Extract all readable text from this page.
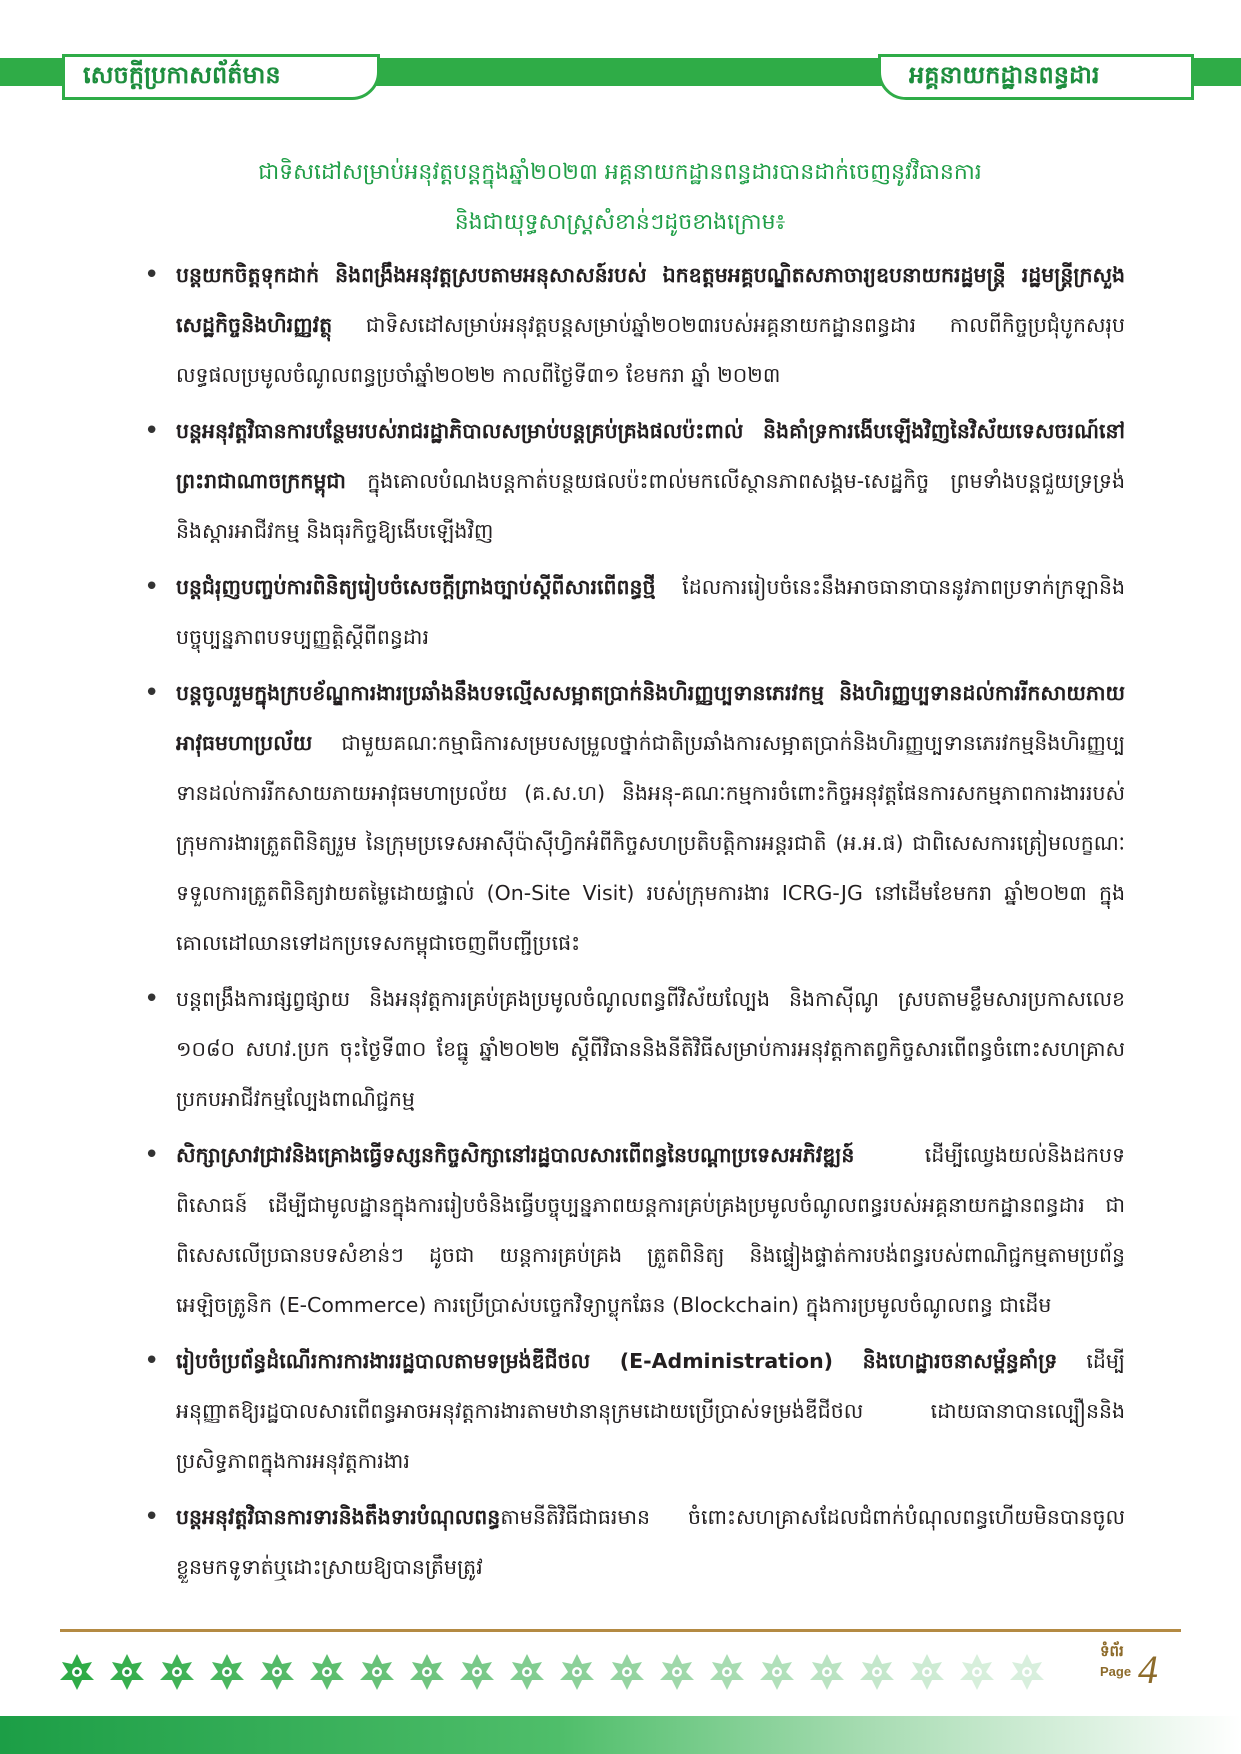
សេចក្តីប្រកាសព័ត៌មាន	អគ្គនាយកដ្ឋានពន្ធដារ
ជាទិសដៅសម្រាប់អនុវត្តបន្តក្នុងឆ្នាំ២០២៣ អគ្គនាយកដ្ឋានពន្ធដារបានដាក់ចេញនូវវិធានការ
និងជាយុទ្ធសាស្ត្រសំខាន់ៗដូចខាងក្រោម៖
• បន្តយកចិត្តទុកដាក់ និងពង្រឹងអនុវត្តស្របតាមអនុសាសន៍របស់ ឯកឧត្តមអគ្គបណ្ឌិតសភាចារ្យឧបនាយករដ្ឋមន្ត្រី រដ្ឋមន្ត្រីក្រសួងសេដ្ឋកិច្ចនិងហិរញ្ញវត្ថុ ជាទិសដៅសម្រាប់អនុវត្តបន្តសម្រាប់ឆ្នាំ២០២៣របស់អគ្គនាយកដ្ឋានពន្ធដារ កាលពីកិច្ចប្រជុំបូកសរុបលទ្ធផលប្រមូលចំណូលពន្ធប្រចាំឆ្នាំ២០២២ កាលពីថ្ងៃទី៣១ ខែមករា ឆ្នាំ ២០២៣
• បន្តអនុវត្តវិធានការបន្ថែមរបស់រាជរដ្ឋាភិបាលសម្រាប់បន្តគ្រប់គ្រងផលប៉ះពាល់ និងគាំទ្រការងើបឡើងវិញនៃវិស័យទេសចរណ៍នៅព្រះរាជាណាចក្រកម្ពុជា ក្នុងគោលបំណងបន្តកាត់បន្ថយផលប៉ះពាល់មកលើស្ថានភាពសង្គម-សេដ្ឋកិច្ច ព្រមទាំងបន្តជួយទ្រទ្រង់ និងស្តារអាជីវកម្ម និងធុរកិច្ចឱ្យងើបឡើងវិញ
• បន្តជំរុញបញ្ចប់ការពិនិត្យរៀបចំសេចក្តីព្រាងច្បាប់ស្តីពីសារពើពន្ធថ្មី ដែលការរៀបចំនេះនឹងអាចធានាបាននូវភាពប្រទាក់ក្រឡានិងបច្ចុប្បន្នភាពបទប្បញ្ញត្តិស្តីពីពន្ធដារ
• បន្តចូលរួមក្នុងក្របខ័ណ្ឌការងារប្រឆាំងនឹងបទល្មើសសម្អាតប្រាក់និងហិរញ្ញប្បទានភេរវកម្ម និងហិរញ្ញប្បទានដល់ការរីកសាយភាយអាវុធមហាប្រល័យ ជាមួយគណៈកម្មាធិការសម្របសម្រួលថ្នាក់ជាតិប្រឆាំងការសម្អាតប្រាក់និងហិរញ្ញប្បទានភេរវកម្មនិងហិរញ្ញប្បទានដល់ការរីកសាយភាយអាវុធមហាប្រល័យ (គ.ស.ហ) និងអនុ-គណៈកម្មការចំពោះកិច្ចអនុវត្តផែនការសកម្មភាពការងាររបស់ក្រុមការងារត្រួតពិនិត្យរួម នៃក្រុមប្រទេសអាស៊ីប៉ាស៊ីហ្វិកអំពីកិច្ចសហប្រតិបត្តិការអន្តរជាតិ (អ.អ.ផ) ជាពិសេសការត្រៀមលក្ខណៈទទួលការត្រួតពិនិត្យវាយតម្លៃដោយផ្ទាល់ (On-Site Visit) របស់ក្រុមការងារ ICRG-JG នៅដើមខែមករា ឆ្នាំ២០២៣ ក្នុងគោលដៅឈានទៅដកប្រទេសកម្ពុជាចេញពីបញ្ជីប្រផេះ
• បន្តពង្រឹងការផ្សព្វផ្សាយ និងអនុវត្តការគ្រប់គ្រងប្រមូលចំណូលពន្ធពីវិស័យល្បែង និងកាស៊ីណូ ស្របតាមខ្លឹមសារប្រកាសលេខ ១០៨០ សហវ.ប្រក ចុះថ្ងៃទី៣០ ខែធ្នូ ឆ្នាំ២០២២ ស្តីពីវិធាននិងនីតិវិធីសម្រាប់ការអនុវត្តកាតព្វកិច្ចសារពើពន្ធចំពោះសហគ្រាសប្រកបអាជីវកម្មល្បែងពាណិជ្ជកម្ម
• សិក្សាស្រាវជ្រាវនិងគ្រោងធ្វើទស្សនកិច្ចសិក្សានៅរដ្ឋបាលសារពើពន្ធនៃបណ្តាប្រទេសអភិវឌ្ឍន៍ ដើម្បីឈ្វេងយល់និងដកបទពិសោធន៍ ដើម្បីជាមូលដ្ឋានក្នុងការរៀបចំនិងធ្វើបច្ចុប្បន្នភាពយន្តការគ្រប់គ្រងប្រមូលចំណូលពន្ធរបស់អគ្គនាយកដ្ឋានពន្ធដារ ជាពិសេសលើប្រធានបទសំខាន់ៗ ដូចជា យន្តការគ្រប់គ្រង ត្រួតពិនិត្យ និងផ្ទៀងផ្ទាត់ការបង់ពន្ធរបស់ពាណិជ្ជកម្មតាមប្រព័ន្ធអេឡិចត្រូនិក (E-Commerce) ការប្រើប្រាស់បច្ចេកវិទ្យាប្លុកឆែន (Blockchain) ក្នុងការប្រមូលចំណូលពន្ធ ជាដើម
• រៀបចំប្រព័ន្ធដំណើរការការងាររដ្ឋបាលតាមទម្រង់ឌីជីថល (E-Administration) និងហេដ្ឋារចនាសម្ព័ន្ធគាំទ្រ ដើម្បីអនុញ្ញាតឱ្យរដ្ឋបាលសារពើពន្ធអាចអនុវត្តការងារតាមឋានានុក្រមដោយប្រើប្រាស់ទម្រង់ឌីជីថល ដោយធានាបានល្បឿននិងប្រសិទ្ធភាពក្នុងការអនុវត្តការងារ
• បន្តអនុវត្តវិធានការទារនិងតឹងទារបំណុលពន្ធតាមនីតិវិធីជាធរមាន ចំពោះសហគ្រាសដែលជំពាក់បំណុលពន្ធហើយមិនបានចូលខ្លួនមកទូទាត់ឬដោះស្រាយឱ្យបានត្រឹមត្រូវ
ទំព័រ
Page 4
